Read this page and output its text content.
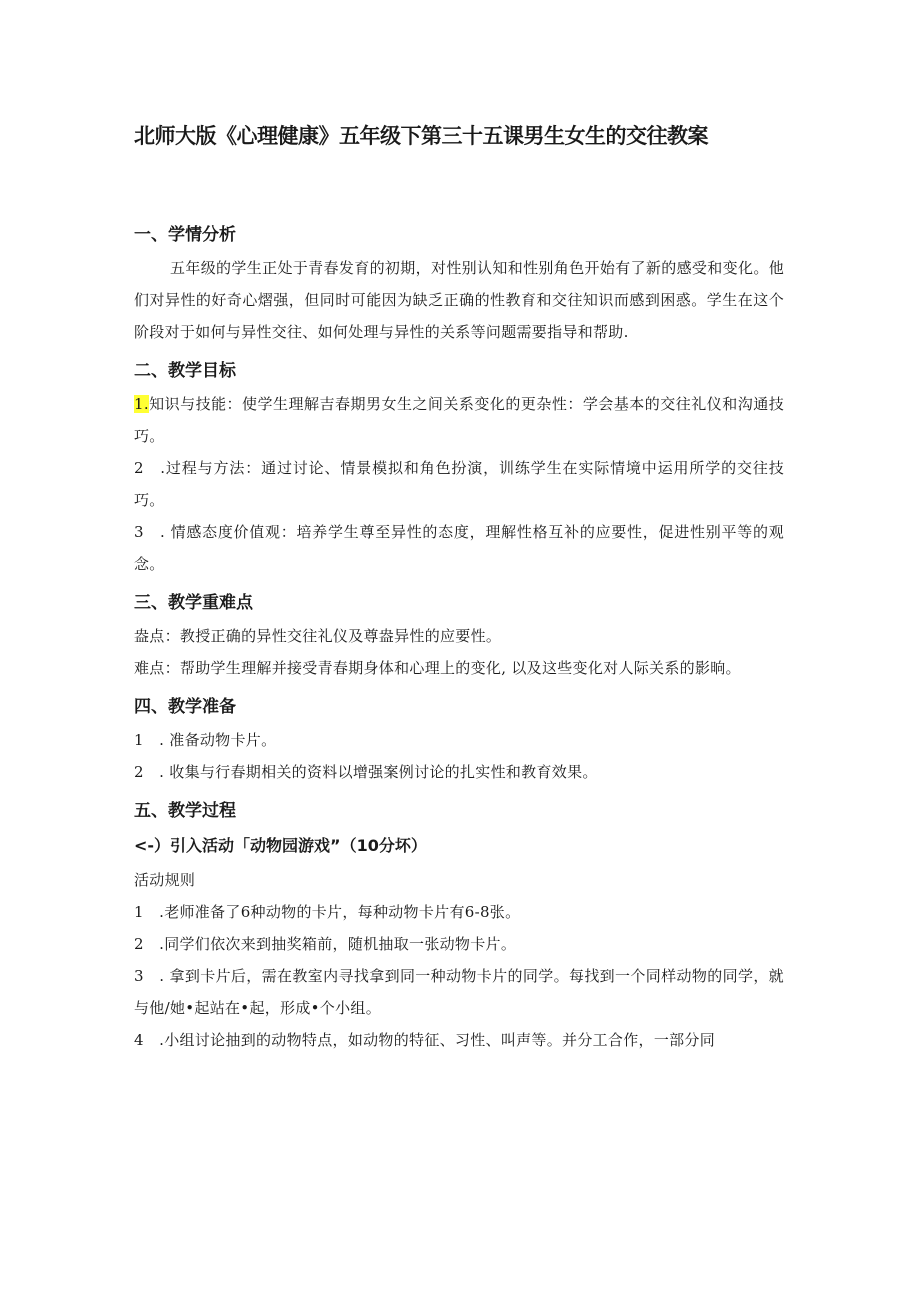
北师大版《心理健康》五年级下第三十五课男生女生的交往教案
一、学情分析

五年级的学生正处于青春发育的初期，对性别认知和性别角色开始有了新的感受和变化。他们对异性的好奇心熠强，但同时可能因为缺乏正确的性教育和交往知识而感到困惑。学生在这个阶段对于如何与异性交往、如何处理与异性的关系等问题需要指导和帮助.

二、教学目标

1.知识与技能：使学生理解吉春期男女生之间关系变化的更杂性：学会基本的交往礼仪和沟通技巧。

2　.过程与方法：通过讨论、情景模拟和角色扮演，训练学生在实际情境中运用所学的交往技巧。

3　. 情感态度价值观：培养学生尊至异性的态度，理解性格互补的应要性，促进性别平等的观念。

三、教学重难点

盎点：教授正确的异性交往礼仪及尊盎异性的应要性。

难点：帮助学生理解并接受青春期身体和心理上的变化, 以及这些变化对人际关系的影晌。

四、教学准备

1　. 准备动物卡片。

2　. 收集与行春期相关的资料以增强案例讨论的扎实性和教育效果。

五、教学过程
<-）引入活动「动物园游戏”（10分坏）

活动规则

1　.老师准备了6种动物的卡片，每种动物卡片有6-8张。

2　.同学们依次来到抽奖箱前，随机抽取一张动物卡片。

3　. 拿到卡片后，需在教室内寻找拿到同一种动物卡片的同学。每找到一个同样动物的同学，就与他/她•起站在•起，形成•个小组。

4　.小组讨论抽到的动物特点，如动物的特征、习性、叫声等。并分工合作，一部分同
